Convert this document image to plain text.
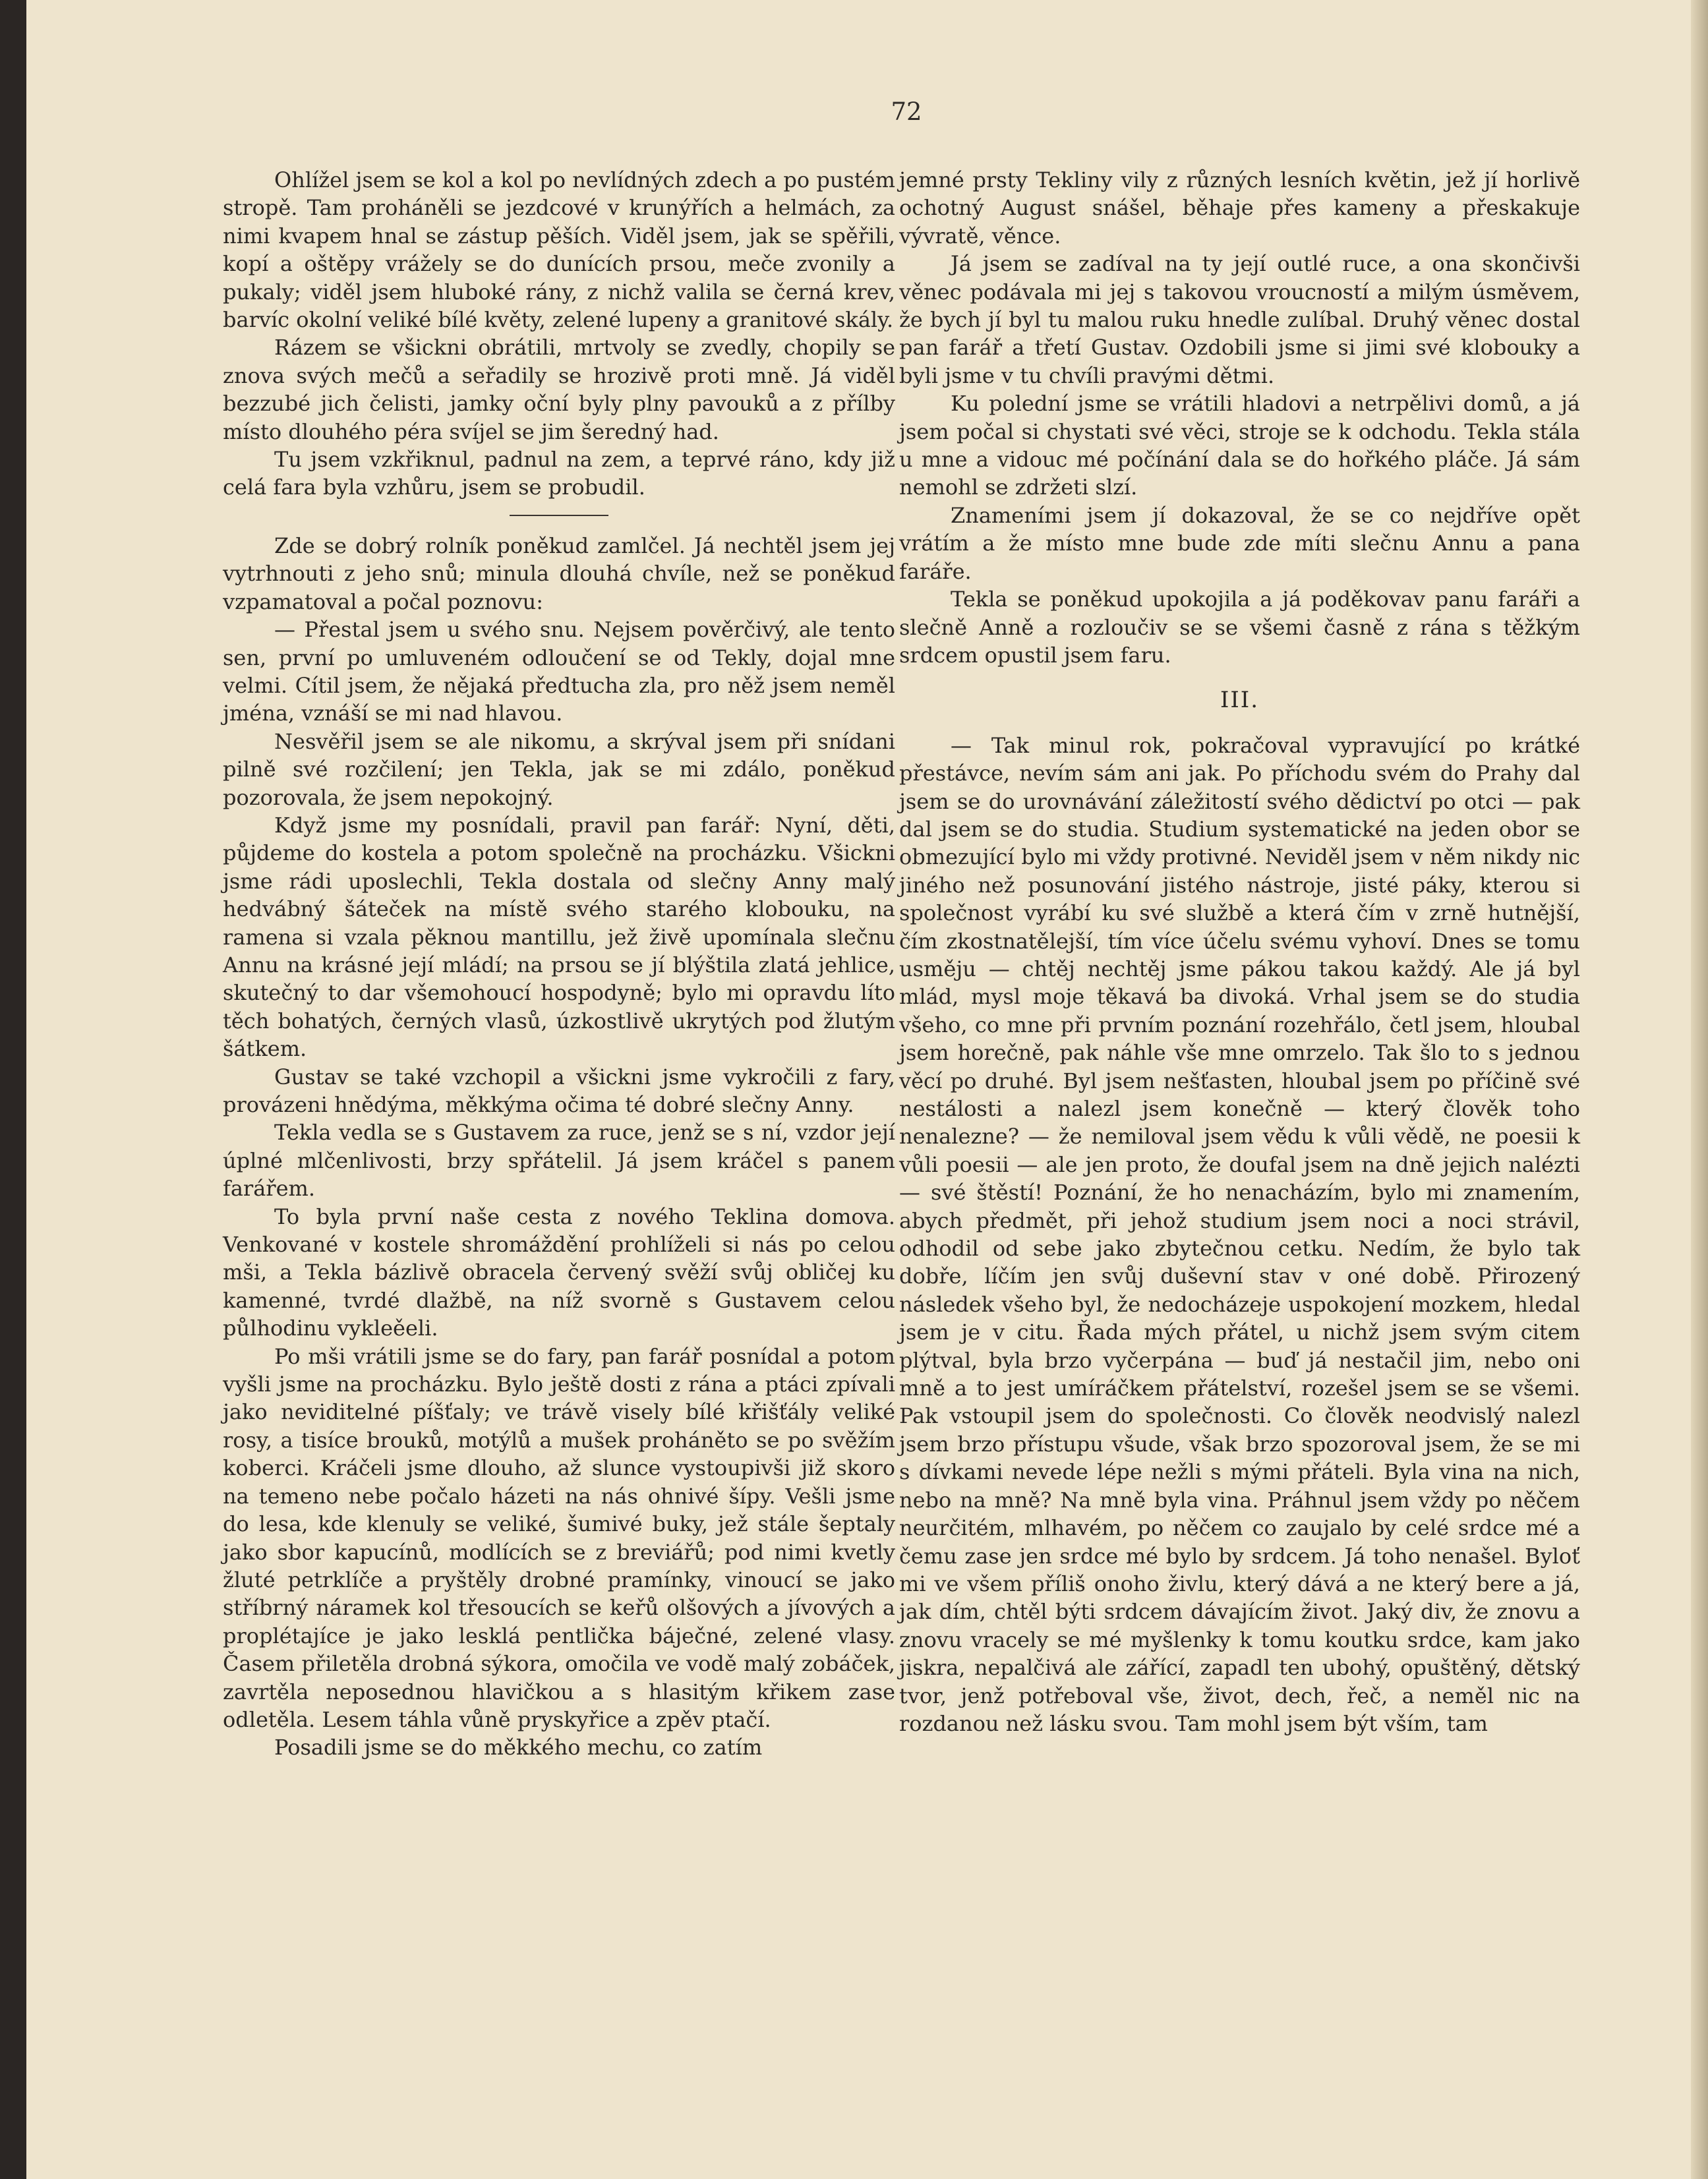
72

Ohlížel jsem se kol a kol po nevlídných zdech a po pustém stropě. Tam proháněli se jezdcové v krunýřích a helmách, za nimi kvapem hnal se zástup pěších. Viděl jsem, jak se spěřili, kopí a oštěpy vrážely se do dunících prsou, meče zvonily a pukaly; viděl jsem hluboké rány, z nichž valila se černá krev, barvíc okolní veliké bílé květy, zelené lupeny a granitové skály.

Rázem se všickni obrátili, mrtvoly se zvedly, chopily se znova svých mečů a seřadily se hrozivě proti mně. Já viděl bezzubé jich čelisti, jamky oční byly plny pavouků a z přílby místo dlouhého péra svíjel se jim šeredný had.

Tu jsem vzkřiknul, padnul na zem, a teprvé ráno, kdy již celá fara byla vzhůru, jsem se probudil.

Zde se dobrý rolník poněkud zamlčel. Já nechtěl jsem jej vytrhnouti z jeho snů; minula dlouhá chvíle, než se poněkud vzpamatoval a počal poznovu:

— Přestal jsem u svého snu. Nejsem pověrčivý, ale tento sen, první po umluveném odloučení se od Tekly, dojal mne velmi. Cítil jsem, že nějaká předtucha zla, pro něž jsem neměl jména, vznáší se mi nad hlavou.

Nesvěřil jsem se ale nikomu, a skrýval jsem při snídani pilně své rozčilení; jen Tekla, jak se mi zdálo, poněkud pozorovala, že jsem nepokojný.

Když jsme my posnídali, pravil pan farář: Nyní, děti, půjdeme do kostela a potom společně na procházku. Všickni jsme rádi uposlechli, Tekla dostala od slečny Anny malý hedvábný šáteček na místě svého starého klobouku, na ramena si vzala pěknou mantillu, jež živě upomínala slečnu Annu na krásné její mládí; na prsou se jí blýštila zlatá jehlice, skutečný to dar všemohoucí hospodyně; bylo mi opravdu líto těch bohatých, černých vlasů, úzkostlivě ukrytých pod žlutým šátkem.

Gustav se také vzchopil a všickni jsme vykročili z fary, provázeni hnědýma, měkkýma očima té dobré slečny Anny.

Tekla vedla se s Gustavem za ruce, jenž se s ní, vzdor její úplné mlčenlivosti, brzy spřátelil. Já jsem kráčel s panem farářem.

To byla první naše cesta z nového Teklina domova. Venkované v kostele shromáždění prohlíželi si nás po celou mši, a Tekla bázlivě obracela červený svěží svůj obličej ku kamenné, tvrdé dlažbě, na níž svorně s Gustavem celou půlhodinu vykleěeli.

Po mši vrátili jsme se do fary, pan farář posnídal a potom vyšli jsme na procházku. Bylo ještě dosti z rána a ptáci zpívali jako neviditelné píšťaly; ve trávě visely bílé křišťály veliké rosy, a tisíce brouků, motýlů a mušek proháněto se po svěžím koberci. Kráčeli jsme dlouho, až slunce vystoupivši již skoro na temeno nebe počalo házeti na nás ohnivé šípy. Vešli jsme do lesa, kde klenuly se veliké, šumivé buky, jež stále šeptaly jako sbor kapucínů, modlících se z breviářů; pod nimi kvetly žluté petrklíče a pryštěly drobné pramínky, vinoucí se jako stříbrný náramek kol třesoucích se keřů olšových a jívových a proplétajíce je jako lesklá pentlička báječné, zelené vlasy. Časem přiletěla drobná sýkora, omočila ve vodě malý zobáček, zavrtěla neposednou hlavičkou a s hlasitým křikem zase odletěla. Lesem táhla vůně pryskyřice a zpěv ptačí.

Posadili jsme se do měkkého mechu, co zatím

jemné prsty Tekliny vily z různých lesních květin, jež jí horlivě ochotný August snášel, běhaje přes kameny a přeskakuje vývratě, věnce.

Já jsem se zadíval na ty její outlé ruce, a ona skončivši věnec podávala mi jej s takovou vroucností a milým úsměvem, že bych jí byl tu malou ruku hnedle zulíbal. Druhý věnec dostal pan farář a třetí Gustav. Ozdobili jsme si jimi své klobouky a byli jsme v tu chvíli pravými dětmi.

Ku polední jsme se vrátili hladovi a netrpělivi domů, a já jsem počal si chystati své věci, stroje se k odchodu. Tekla stála u mne a vidouc mé počínání dala se do hořkého pláče. Já sám nemohl se zdržeti slzí.

Znameními jsem jí dokazoval, že se co nejdříve opět vrátím a že místo mne bude zde míti slečnu Annu a pana faráře.

Tekla se poněkud upokojila a já poděkovav panu faráři a slečně Anně a rozloučiv se se všemi časně z rána s těžkým srdcem opustil jsem faru.

III.

— Tak minul rok, pokračoval vypravující po krátké přestávce, nevím sám ani jak. Po příchodu svém do Prahy dal jsem se do urovnávání záležitostí svého dědictví po otci — pak dal jsem se do studia. Studium systematické na jeden obor se obmezující bylo mi vždy protivné. Neviděl jsem v něm nikdy nic jiného než posunování jistého nástroje, jisté páky, kterou si společnost vyrábí ku své službě a která čím v zrně hutnější, čím zkostnatělejší, tím více účelu svému vyhoví. Dnes se tomu usměju — chtěj nechtěj jsme pákou takou každý. Ale já byl mlád, mysl moje těkavá ba divoká. Vrhal jsem se do studia všeho, co mne při prvním poznání rozehřálo, četl jsem, hloubal jsem horečně, pak náhle vše mne omrzelo. Tak šlo to s jednou věcí po druhé. Byl jsem nešťasten, hloubal jsem po příčině své nestálosti a nalezl jsem konečně — který člověk toho nenalezne? — že nemiloval jsem vědu k vůli vědě, ne poesii k vůli poesii — ale jen proto, že doufal jsem na dně jejich nalézti — své štěstí! Poznání, že ho nenacházím, bylo mi znamením, abych předmět, při jehož studium jsem noci a noci strávil, odhodil od sebe jako zbytečnou cetku. Nedím, že bylo tak dobře, líčím jen svůj duševní stav v oné době. Přirozený následek všeho byl, že nedocházeje uspokojení mozkem, hledal jsem je v citu. Řada mých přátel, u nichž jsem svým citem plýtval, byla brzo vyčerpána — buď já nestačil jim, nebo oni mně a to jest umíráčkem přátelství, rozešel jsem se se všemi. Pak vstoupil jsem do společnosti. Co člověk neodvislý nalezl jsem brzo přístupu všude, však brzo spozoroval jsem, že se mi s dívkami nevede lépe nežli s mými přáteli. Byla vina na nich, nebo na mně? Na mně byla vina. Práhnul jsem vždy po něčem neurčitém, mlhavém, po něčem co zaujalo by celé srdce mé a čemu zase jen srdce mé bylo by srdcem. Já toho nenašel. Byloť mi ve všem příliš onoho živlu, který dává a ne který bere a já, jak dím, chtěl býti srdcem dávajícím život. Jaký div, že znovu a znovu vracely se mé myšlenky k tomu koutku srdce, kam jako jiskra, nepalčivá ale zářící, zapadl ten ubohý, opuštěný, dětský tvor, jenž potřeboval vše, život, dech, řeč, a neměl nic na rozdanou než lásku svou. Tam mohl jsem být vším, tam
